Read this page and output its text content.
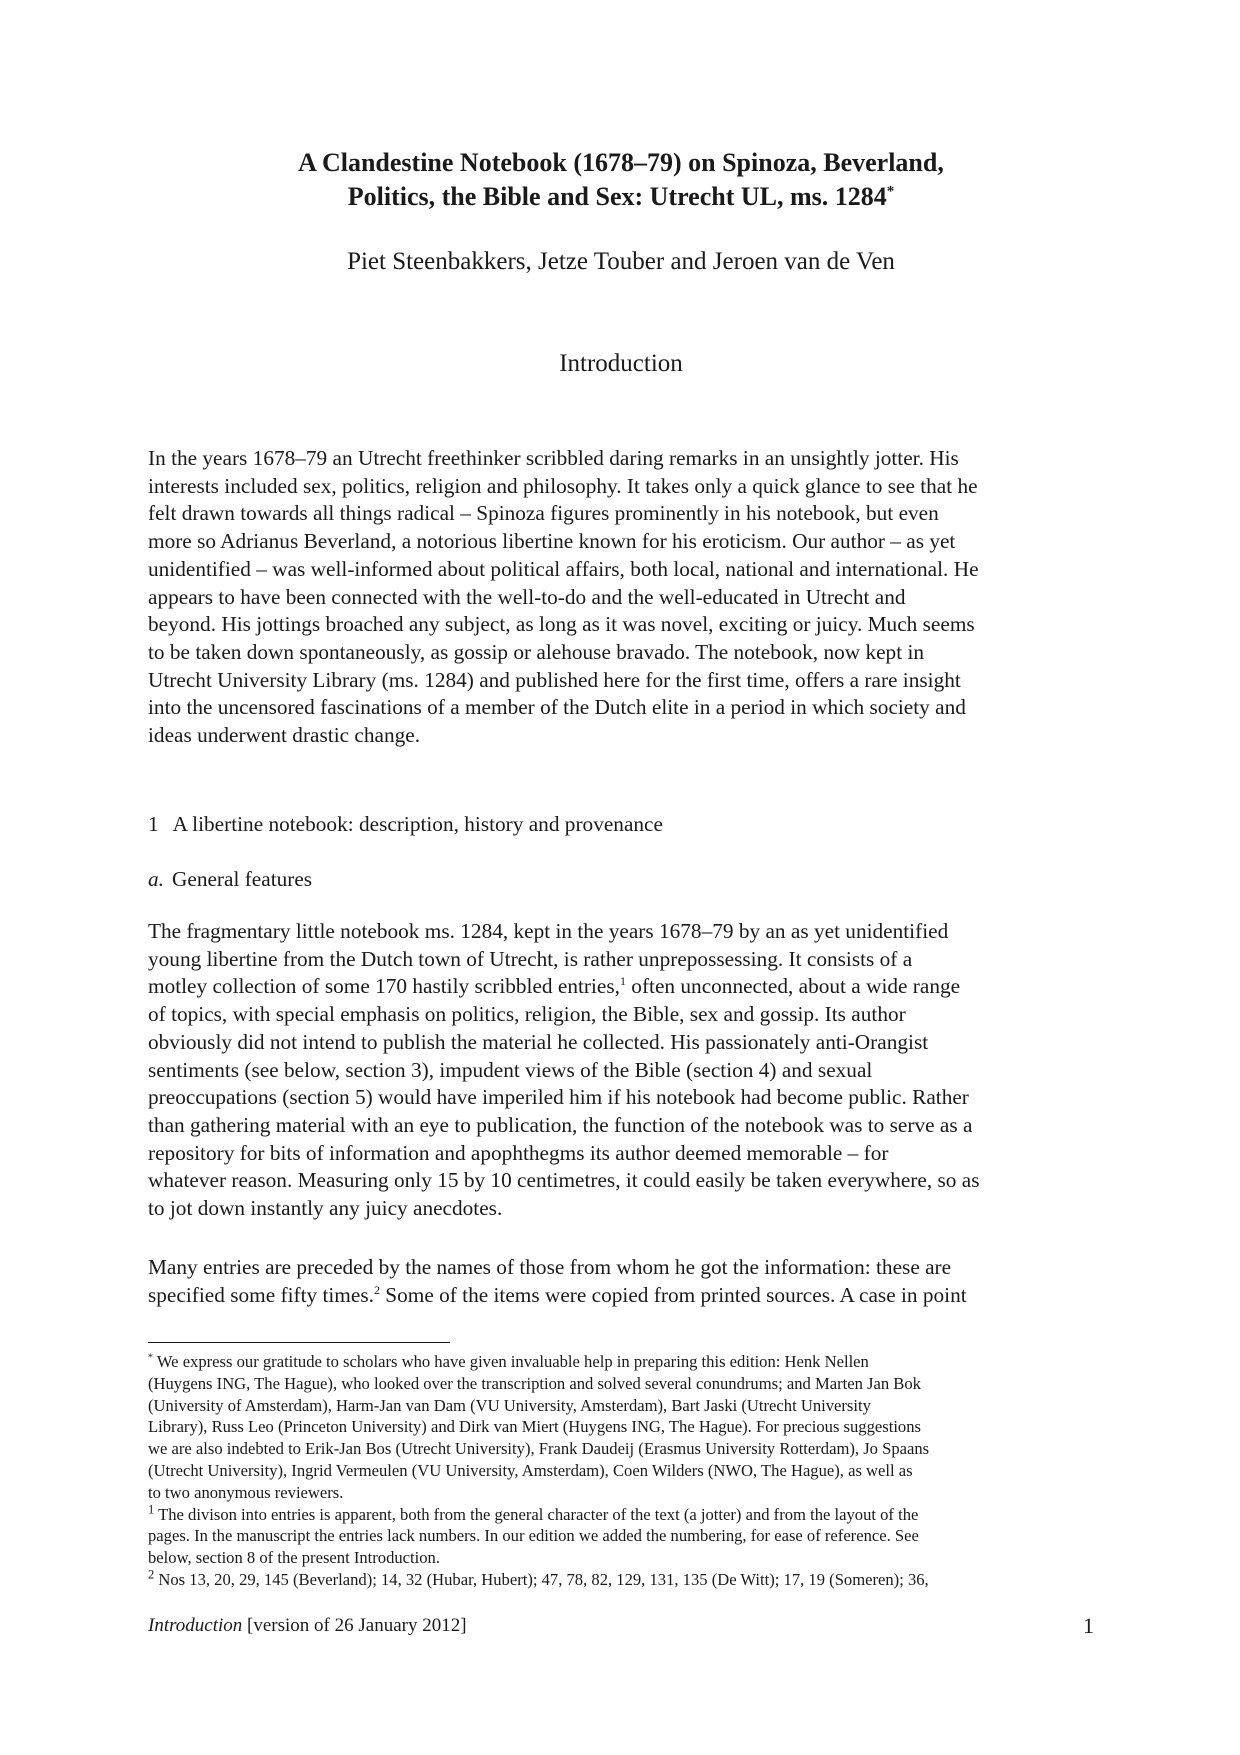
A Clandestine Notebook (1678–79) on Spinoza, Beverland,
Politics, the Bible and Sex: Utrecht UL, ms. 1284*
Piet Steenbakkers, Jetze Touber and Jeroen van de Ven
Introduction
In the years 1678–79 an Utrecht freethinker scribbled daring remarks in an unsightly jotter. His
interests included sex, politics, religion and philosophy. It takes only a quick glance to see that he
felt drawn towards all things radical – Spinoza figures prominently in his notebook, but even
more so Adrianus Beverland, a notorious libertine known for his eroticism. Our author – as yet
unidentified – was well-informed about political affairs, both local, national and international. He
appears to have been connected with the well-to-do and the well-educated in Utrecht and
beyond. His jottings broached any subject, as long as it was novel, exciting or juicy. Much seems
to be taken down spontaneously, as gossip or alehouse bravado. The notebook, now kept in
Utrecht University Library (ms. 1284) and published here for the first time, offers a rare insight
into the uncensored fascinations of a member of the Dutch elite in a period in which society and
ideas underwent drastic change.
1 A libertine notebook: description, history and provenance
a. General features
The fragmentary little notebook ms. 1284, kept in the years 1678–79 by an as yet unidentified
young libertine from the Dutch town of Utrecht, is rather unprepossessing. It consists of a
motley collection of some 170 hastily scribbled entries,$^1$ often unconnected, about a wide range
of topics, with special emphasis on politics, religion, the Bible, sex and gossip. Its author
obviously did not intend to publish the material he collected. His passionately anti-Orangist
sentiments (see below, section 3), impudent views of the Bible (section 4) and sexual
preoccupations (section 5) would have imperiled him if his notebook had become public. Rather
than gathering material with an eye to publication, the function of the notebook was to serve as a
repository for bits of information and apophthegms its author deemed memorable – for
whatever reason. Measuring only 15 by 10 centimetres, it could easily be taken everywhere, so as
to jot down instantly any juicy anecdotes.
Many entries are preceded by the names of those from whom he got the information: these are
specified some fifty times.$^2$ Some of the items were copied from printed sources. A case in point
* We express our gratitude to scholars who have given invaluable help in preparing this edition: Henk Nellen
(Huygens ING, The Hague), who looked over the transcription and solved several conundrums; and Marten Jan Bok
(University of Amsterdam), Harm-Jan van Dam (VU University, Amsterdam), Bart Jaski (Utrecht University
Library), Russ Leo (Princeton University) and Dirk van Miert (Huygens ING, The Hague). For precious suggestions
we are also indebted to Erik-Jan Bos (Utrecht University), Frank Daudeij (Erasmus University Rotterdam), Jo Spaans
(Utrecht University), Ingrid Vermeulen (VU University, Amsterdam), Coen Wilders (NWO, The Hague), as well as
to two anonymous reviewers.
$^1$ The divison into entries is apparent, both from the general character of the text (a jotter) and from the layout of the
pages. In the manuscript the entries lack numbers. In our edition we added the numbering, for ease of reference. See
below, section 8 of the present Introduction.
$^2$ Nos 13, 20, 29, 145 (Beverland); 14, 32 (Hubar, Hubert); 47, 78, 82, 129, 131, 135 (De Witt); 17, 19 (Someren); 36,
Introduction [version of 26 January 2012]	1
